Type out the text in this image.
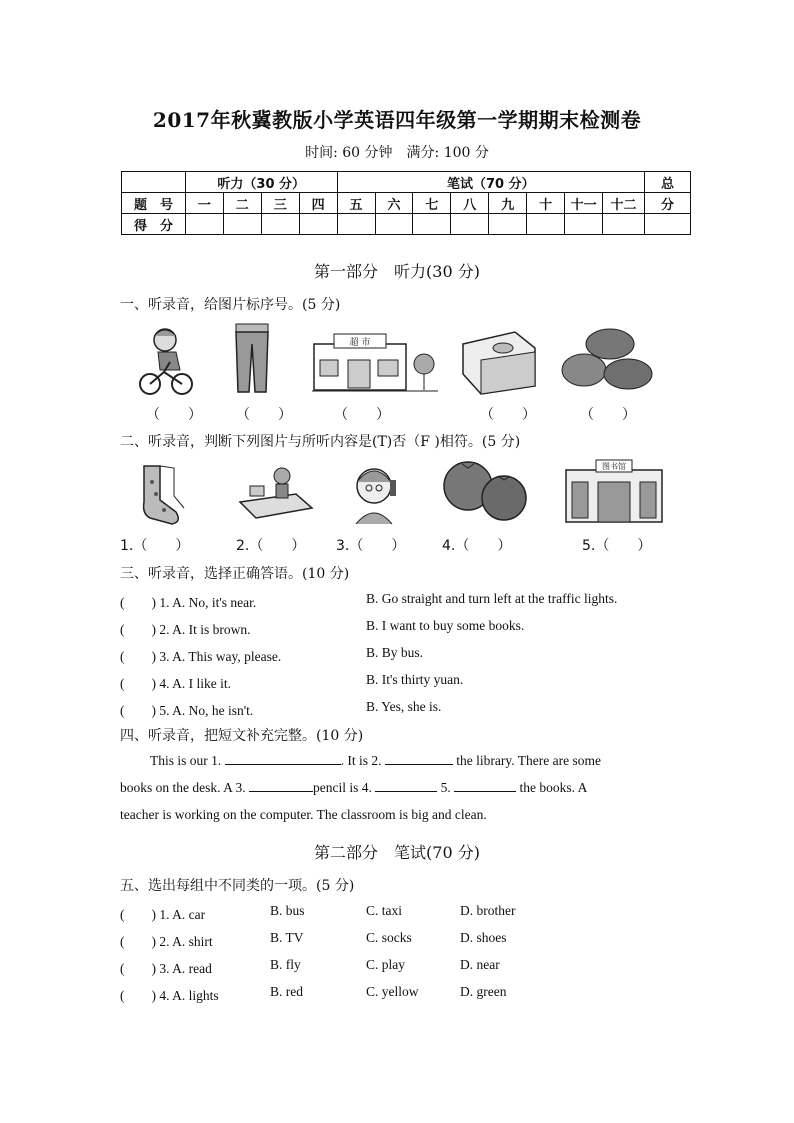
2017年秋冀教版小学英语四年级第一学期期末检测卷
时间: 60 分钟　满分: 100 分
	听力（30 分）				笔试（70 分）								总
题　号	一	二	三	四	五	六	七	八	九	十	十一	十二	分
得　分													
第一部分　听力(30 分)
一、听录音，给图片标序号。(5 分)
超 市
（　　） （　　）	（　　）	（　　）	（　　）
二、听录音，判断下列图片与所听内容是(T)否（F )相符。(5 分)
图书馆
1.（　　）	2.（　　） 3.（　　）	4.（　　）	5.（　　）
三、听录音，选择正确答语。(10 分)
(　　) 1. A. No, it's near.	B. Go straight and turn left at the traffic lights.
(　　) 2. A. It is brown.	B. I want to buy some books.
(　　) 3. A. This way, please.	B. By bus.
(　　) 4. A. I like it.	B. It's thirty yuan.
(　　) 5. A. No, he isn't.	B. Yes, she is.
四、听录音，把短文补充完整。(10 分)
This is our 1.	. It is 2.	the library. There are some
books on the desk. A 3.	pencil is 4.	5.	the books. A
teacher is working on the computer. The classroom is big and clean.
第二部分　笔试(70 分)
五、选出每组中不同类的一项。(5 分)
(　　) 1. A. car	B. bus	C. taxi	D. brother
(　　) 2. A. shirt	B. TV	C. socks	D. shoes
(　　) 3. A. read	B. fly	C. play	D. near
(　　) 4. A. lights	B. red	C. yellow	D. green
